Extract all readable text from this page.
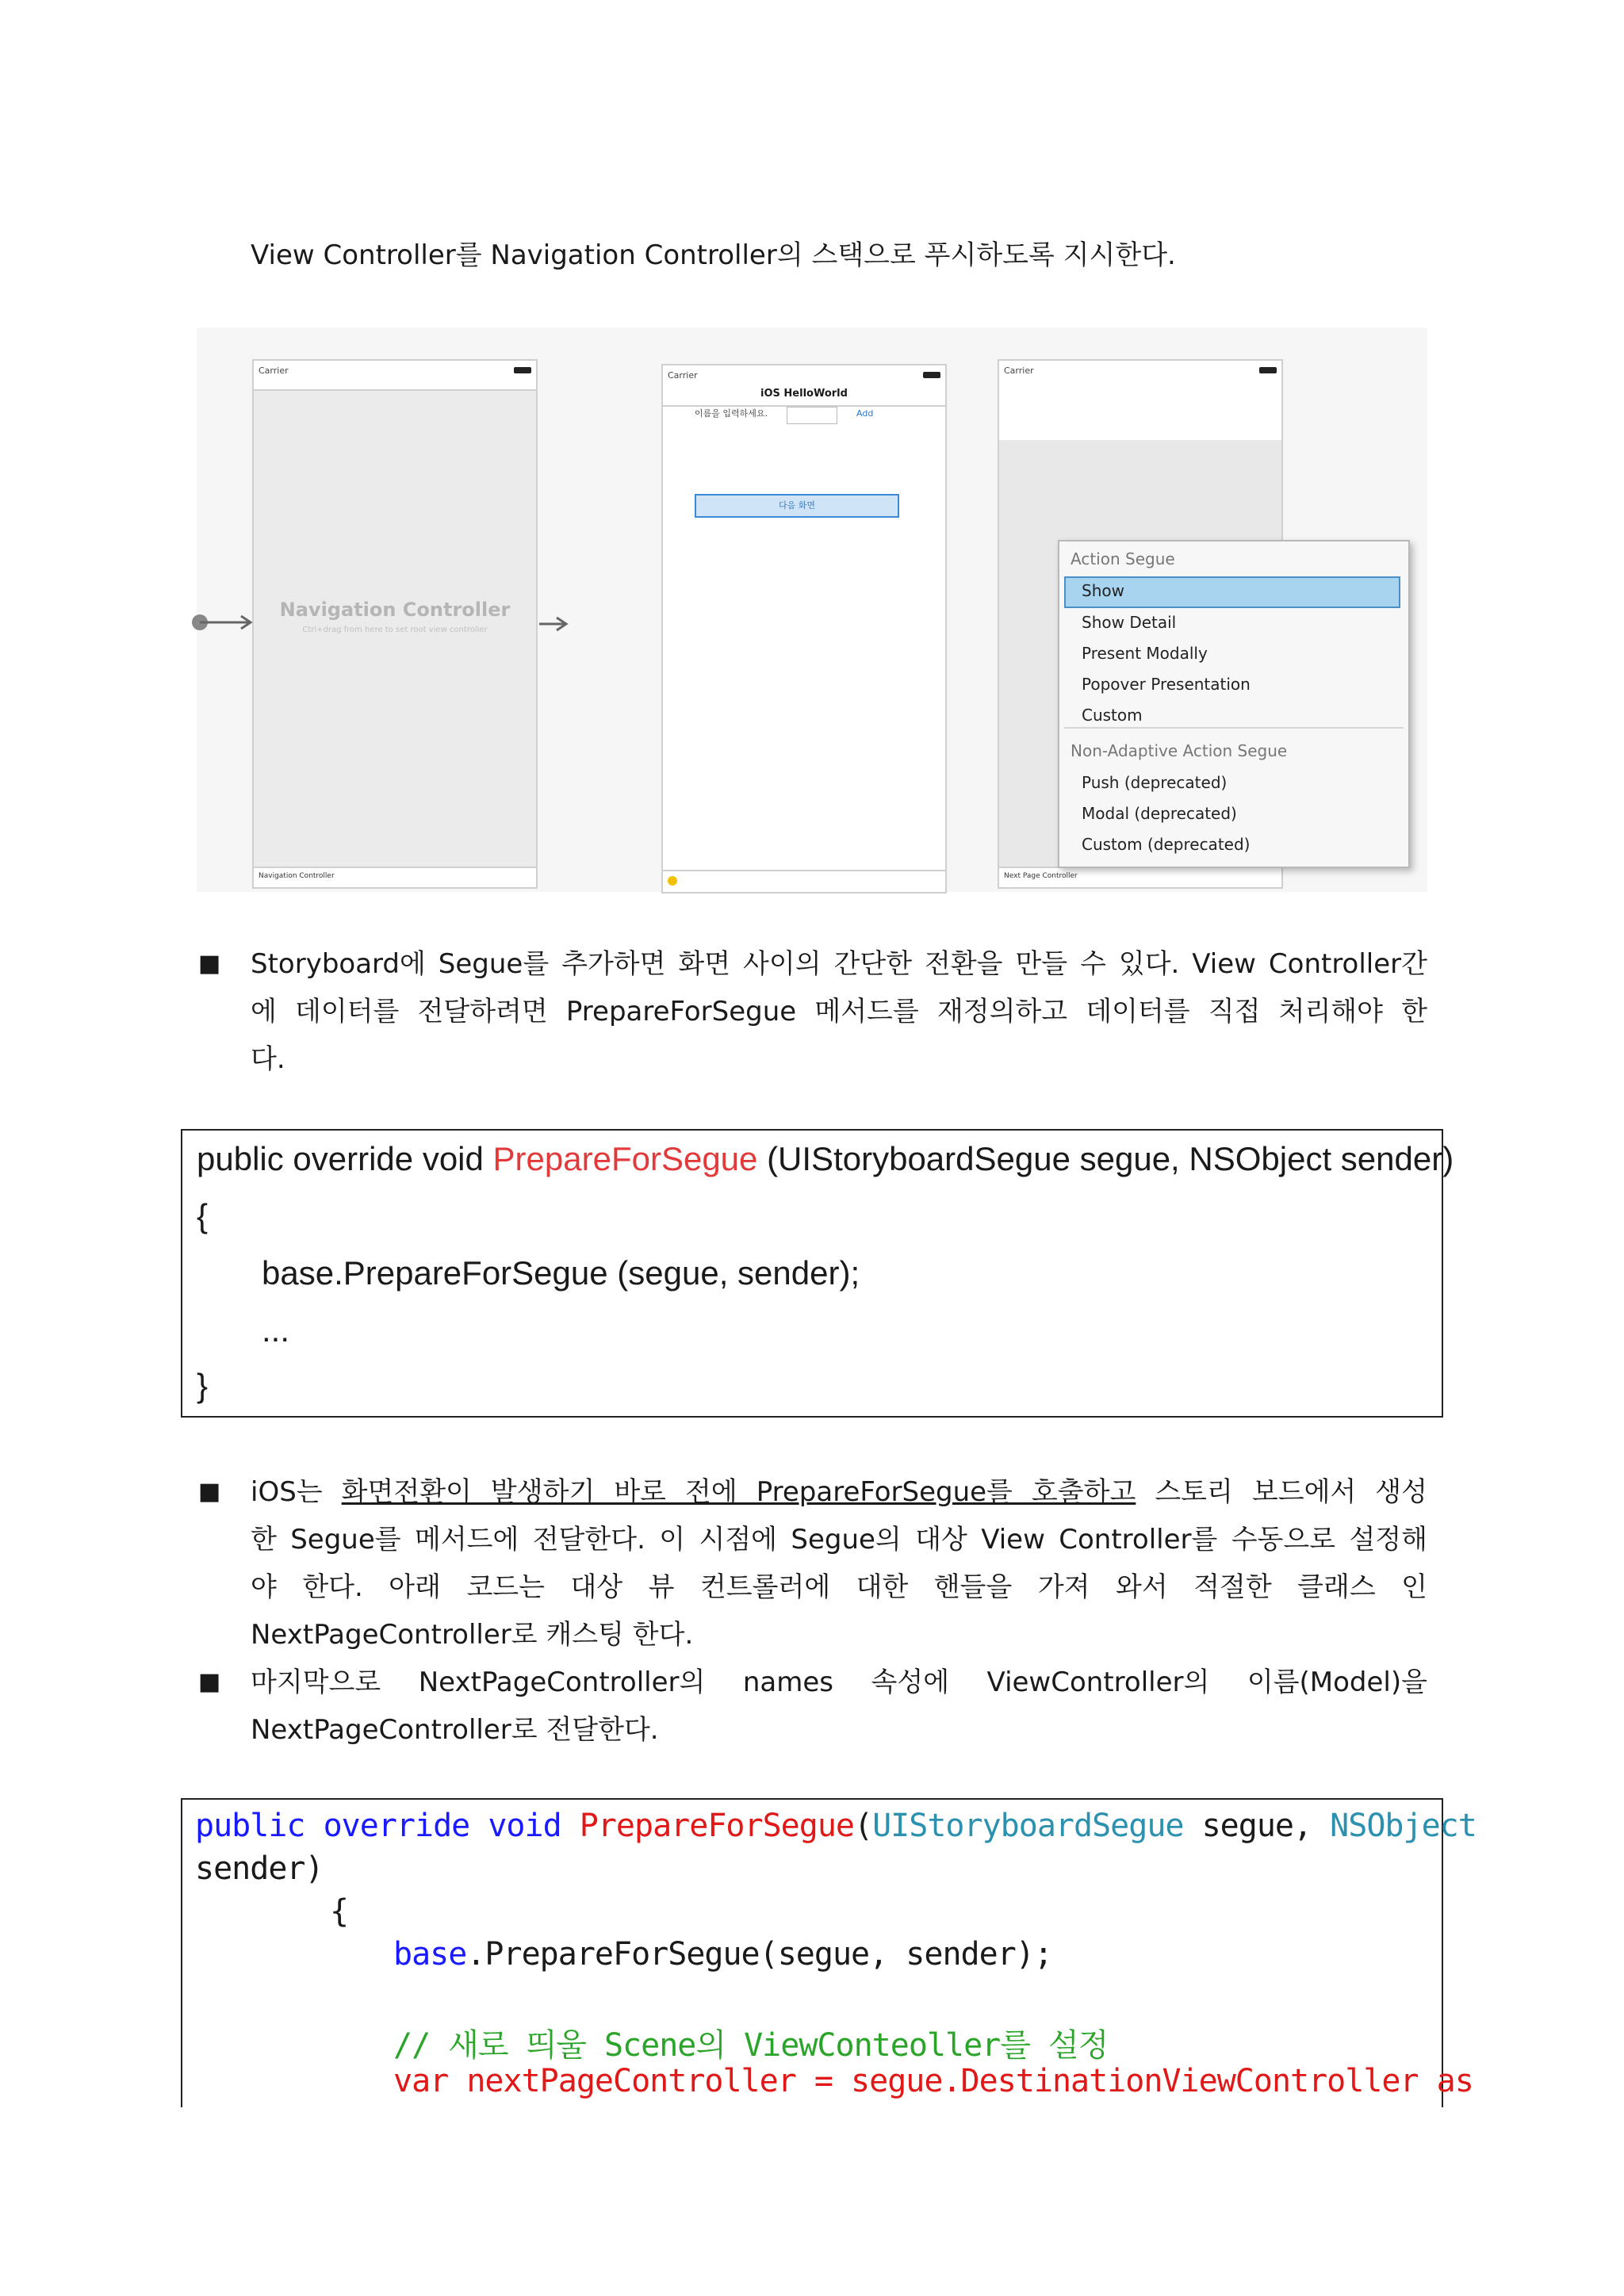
View Controller를 Navigation Controller의 스택으로 푸시하도록 지시한다.
Carrier
Navigation Controller
Ctrl+drag from here to set root view controller
Navigation Controller
Carrier
iOS HelloWorld
이름을 입력하세요.	Add
다음 화면
Carrier
Next Page Controller
Action Segue
Show
Show Detail
Present Modally
Popover Presentation
Custom
Non-Adaptive Action Segue
Push (deprecated)
Modal (deprecated)
Custom (deprecated)
■ Storyboard에 Segue를 추가하면 화면 사이의 간단한 전환을 만들 수 있다. View Controller간
에 데이터를 전달하려면 PrepareForSegue 메서드를 재정의하고 데이터를 직접 처리해야 한
다.
public override void PrepareForSegue (UIStoryboardSegue segue, NSObject sender)
{
base.PrepareForSegue (segue, sender);
...
}
■ iOS는 화면전환이 발생하기 바로 전에 PrepareForSegue를 호출하고 스토리 보드에서 생성
한 Segue를 메서드에 전달한다. 이 시점에 Segue의 대상 View Controller를 수동으로 설정해
야 한다. 아래 코드는 대상 뷰 컨트롤러에 대한 핸들을 가져 와서 적절한 클래스 인
NextPageController로 캐스팅 한다.
■ 마지막으로 NextPageController의 names 속성에 ViewController의 이름(Model)을
NextPageController로 전달한다.
public override void PrepareForSegue(UIStoryboardSegue segue, NSObject
sender)
{
base.PrepareForSegue(segue, sender);
// 새로 띄울 Scene의 ViewConteoller를 설정
var nextPageController = segue.DestinationViewController as
